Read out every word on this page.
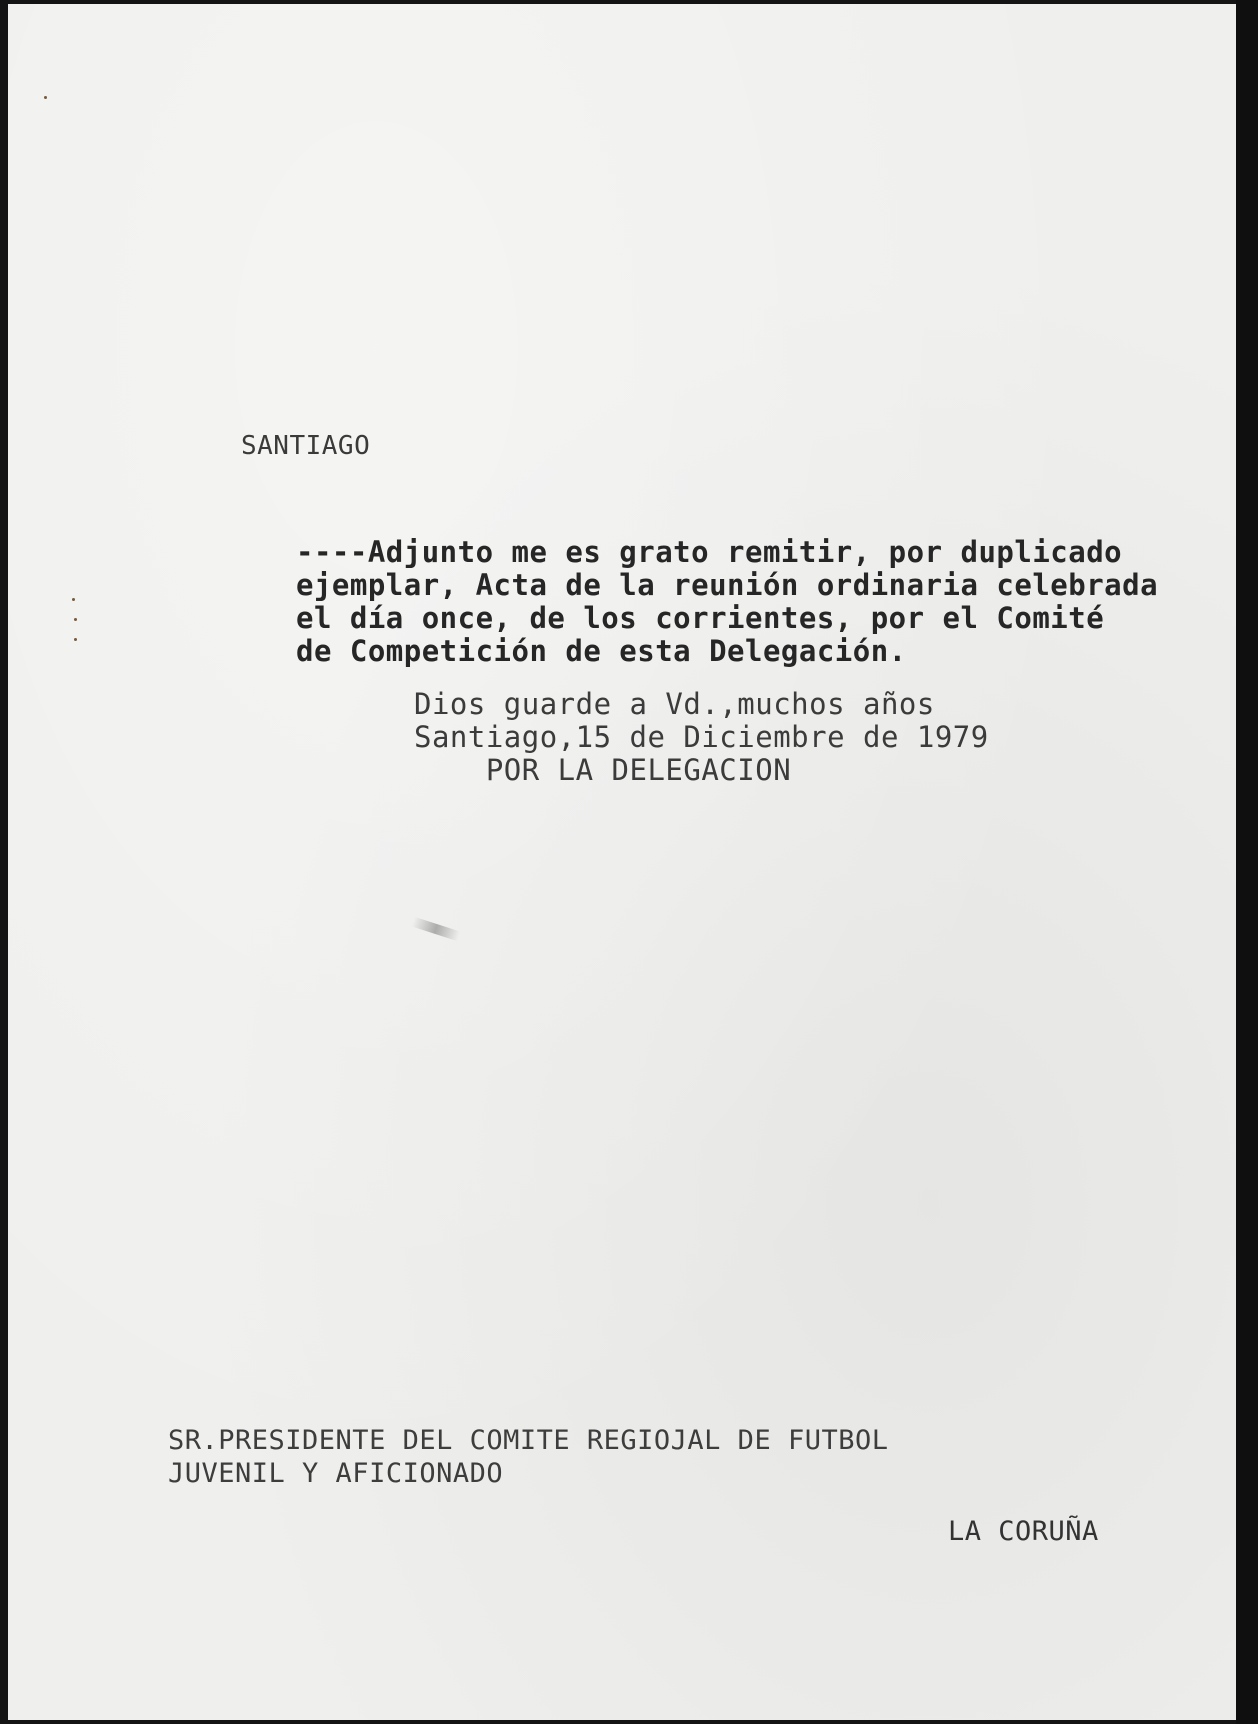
SANTIAGO
----Adjunto me es grato remitir, por duplicado
ejemplar, Acta de la reunión ordinaria celebrada
el día once, de los corrientes, por el Comité
de Competición de esta Delegación.
Dios guarde a Vd.,muchos años
Santiago,15 de Diciembre de 1979
POR LA DELEGACION
SR.PRESIDENTE DEL COMITE REGIOJAL DE FUTBOL
JUVENIL Y AFICIONADO
LA CORUÑA
